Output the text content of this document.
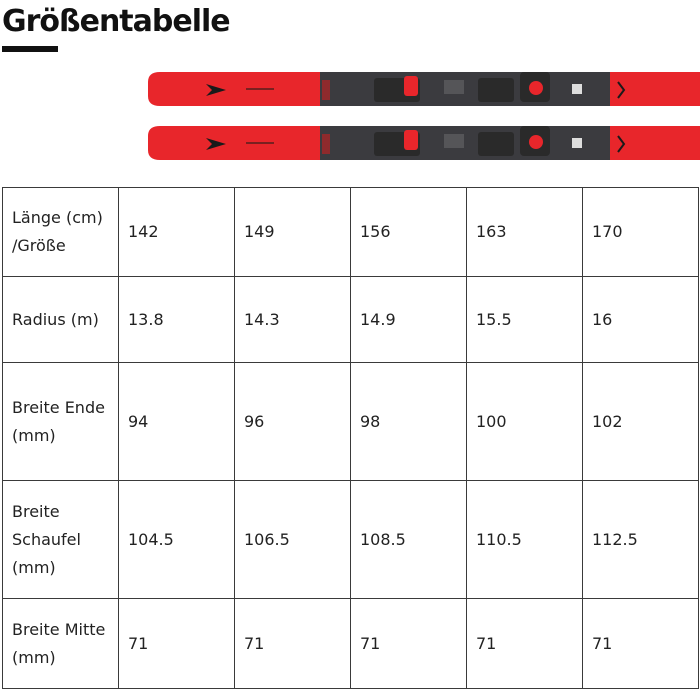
Größentabelle
Länge (cm) /Größe	142	149	156	163	170
Radius (m)	13.8	14.3	14.9	15.5	16
Breite Ende (mm)	94	96	98	100	102
Breite Schaufel (mm)	104.5	106.5	108.5	110.5	112.5
Breite Mitte (mm)	71	71	71	71	71
